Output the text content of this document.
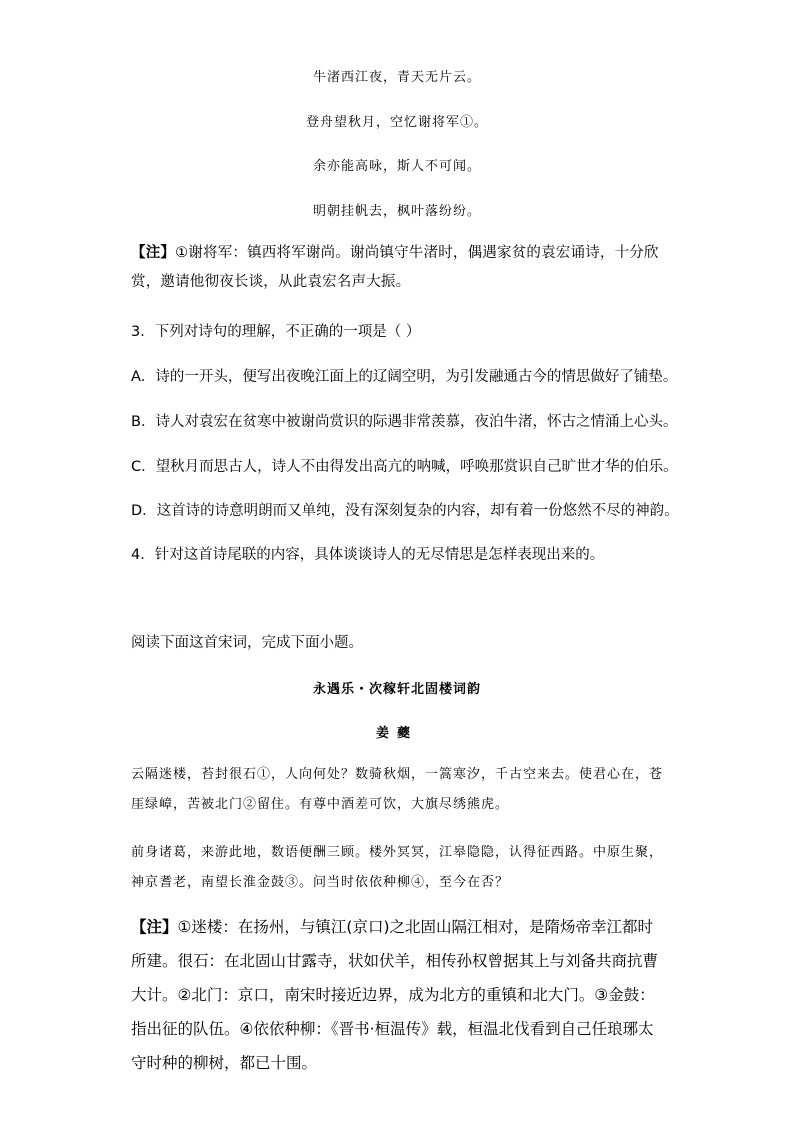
牛渚西江夜，青天无片云。
登舟望秋月，空忆谢将军①。
余亦能高咏，斯人不可闻。
明朝挂帆去，枫叶落纷纷。
【注】①谢将军：镇西将军谢尚。谢尚镇守牛渚时，偶遇家贫的袁宏诵诗，十分欣赏，邀请他彻夜长谈，从此袁宏名声大振。
3．下列对诗句的理解，不正确的一项是（ ）
A．诗的一开头，便写出夜晚江面上的辽阔空明，为引发融通古今的情思做好了铺垫。
B．诗人对袁宏在贫寒中被谢尚赏识的际遇非常羡慕，夜泊牛渚，怀古之情涌上心头。
C．望秋月而思古人，诗人不由得发出高亢的呐喊，呼唤那赏识自己旷世才华的伯乐。
D．这首诗的诗意明朗而又单纯，没有深刻复杂的内容，却有着一份悠然不尽的神韵。
4．针对这首诗尾联的内容，具体谈谈诗人的无尽情思是怎样表现出来的。
阅读下面这首宋词，完成下面小题。
永遇乐・次稼轩北固楼词韵
姜夔
云隔迷楼，苔封很石①，人向何处？数骑秋烟，一篙寒汐，千古空来去。使君心在，苍厓绿嶂，苦被北门②留住。有尊中酒差可饮，大旗尽绣熊虎。
前身诸葛，来游此地，数语便酬三顾。楼外冥冥，江皋隐隐，认得征西路。中原生聚，神京耆老，南望长淮金鼓③。问当时依依种柳④，至今在否？
【注】①迷楼：在扬州，与镇江(京口)之北固山隔江相对，是隋炀帝幸江都时所建。很石：在北固山甘露寺，状如伏羊，相传孙权曾据其上与刘备共商抗曹大计。②北门：京口，南宋时接近边界，成为北方的重镇和北大门。③金鼓：指出征的队伍。④依依种柳：《晋书·桓温传》载，桓温北伐看到自己任琅琊太守时种的柳树，都已十围。
